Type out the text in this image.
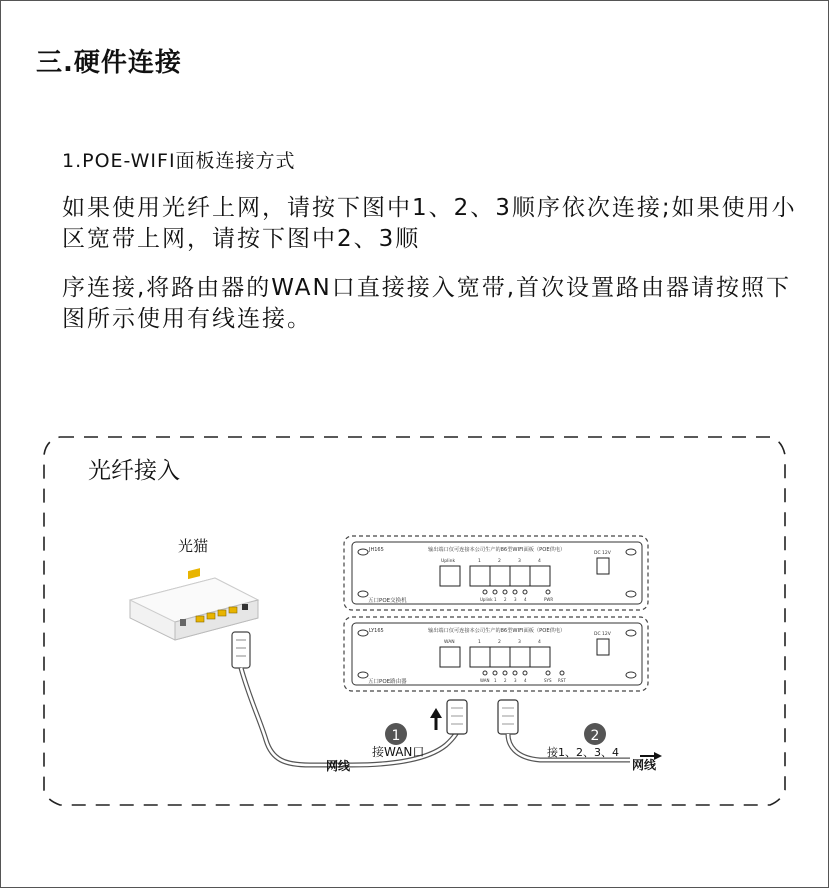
三.硬件连接
1.POE-WIFI面板连接方式
如果使用光纤上网，请按下图中1、2、3顺序依次连接;如果使用小区宽带上网，请按下图中2、3顺
序连接,将路由器的WAN口直接接入宽带,首次设置路由器请按照下图所示使用有线连接。
光纤接入
光猫	JH165	输出端口仅可连接本公司生产的86型WIFI面板（POE供电）
Uplink	1	2	3	4
DC 12V
Uplink 1 2 3 4	PWR
五口POE交换机
LY165	输出端口仅可连接本公司生产的86型WIFI面板（POE供电）
WAN	1	2	3	4
DC 12V
WAN 1 2 3 4	SYS RST
五口POE路由器
1
接WAN口
2
接1、2、3、4
网线	网线
